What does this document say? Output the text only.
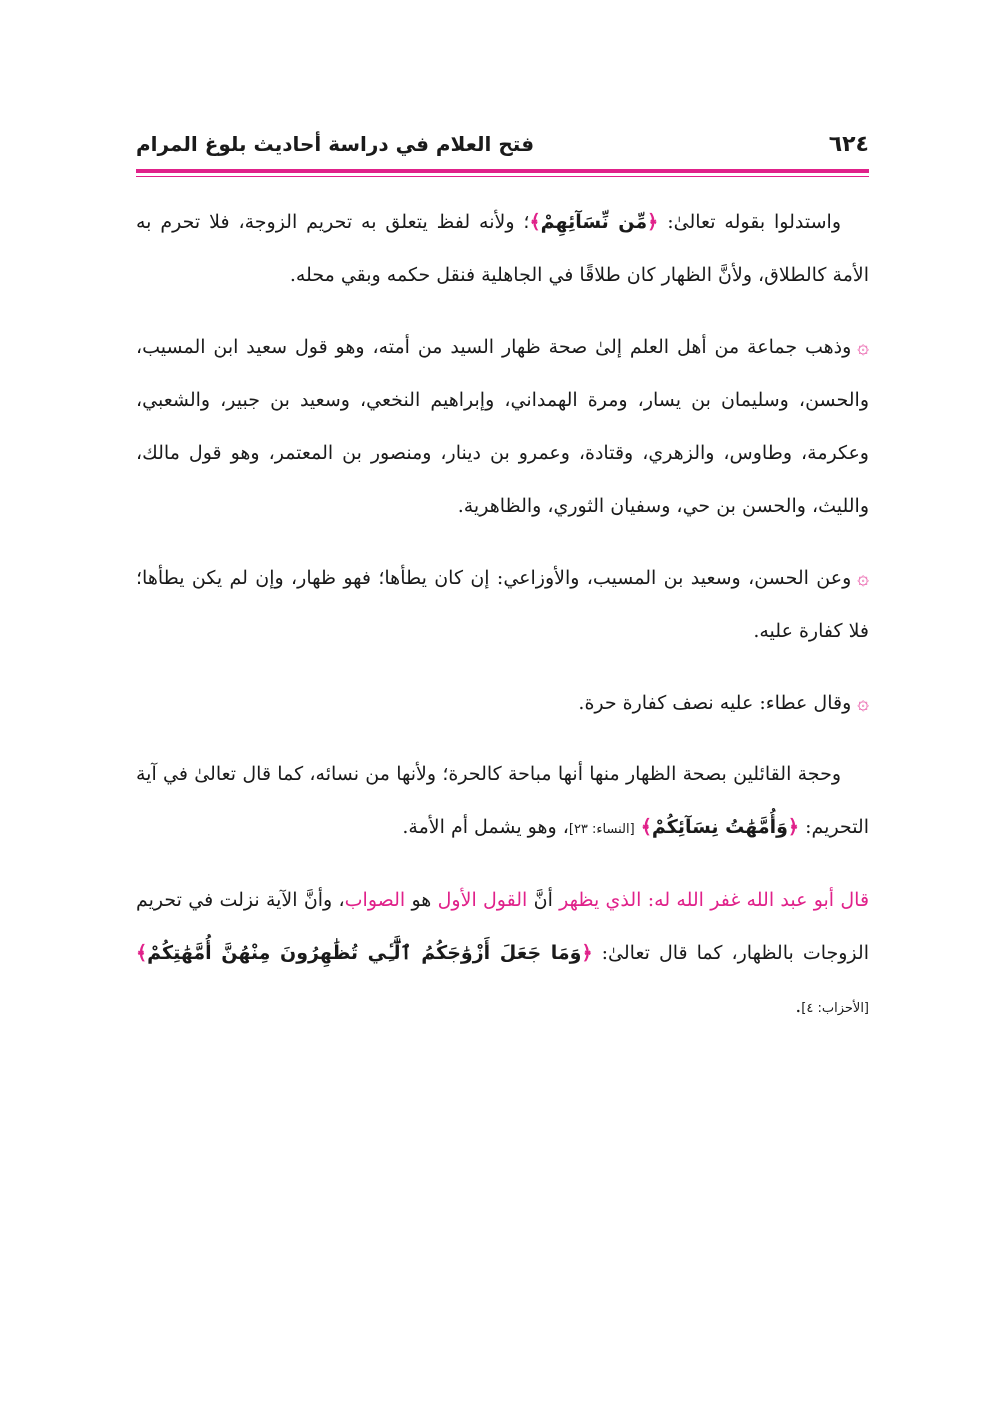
٦٢٤
فتح العلام في دراسة أحاديث بلوغ المرام

واستدلوا بقوله تعالىٰ: ﴿مِّن نِّسَآئِهِمْ﴾؛ ولأنه لفظ يتعلق به تحريم الزوجة، فلا تحرم به الأمة كالطلاق، ولأنَّ الظهار كان طلاقًا في الجاهلية فنقل حكمه وبقي محله.

۞وذهب جماعة من أهل العلم إلىٰ صحة ظهار السيد من أمته، وهو قول سعيد ابن المسيب، والحسن، وسليمان بن يسار، ومرة الهمداني، وإبراهيم النخعي، وسعيد بن جبير، والشعبي، وعكرمة، وطاوس، والزهري، وقتادة، وعمرو بن دينار، ومنصور بن المعتمر، وهو قول مالك، والليث، والحسن بن حي، وسفيان الثوري، والظاهرية.

۞وعن الحسن، وسعيد بن المسيب، والأوزاعي: إن كان يطأها؛ فهو ظهار، وإن لم يكن يطأها؛ فلا كفارة عليه.

۞وقال عطاء: عليه نصف كفارة حرة.

وحجة القائلين بصحة الظهار منها أنها مباحة كالحرة؛ ولأنها من نسائه، كما قال تعالىٰ في آية التحريم: ﴿وَأُمَّهَٰتُ نِسَآئِكُمْ﴾ [النساء: ٢٣]، وهو يشمل أم الأمة.

قال أبو عبد الله غفر الله له: الذي يظهر أنَّ القول الأول هو الصواب، وأنَّ الآية نزلت في تحريم الزوجات بالظهار، كما قال تعالىٰ: ﴿وَمَا جَعَلَ أَزْوَٰجَكُمُ ٱلَّٰٓـِٔي تُظَٰهِرُونَ مِنْهُنَّ أُمَّهَٰتِكُمْ﴾ [الأحزاب: ٤].
